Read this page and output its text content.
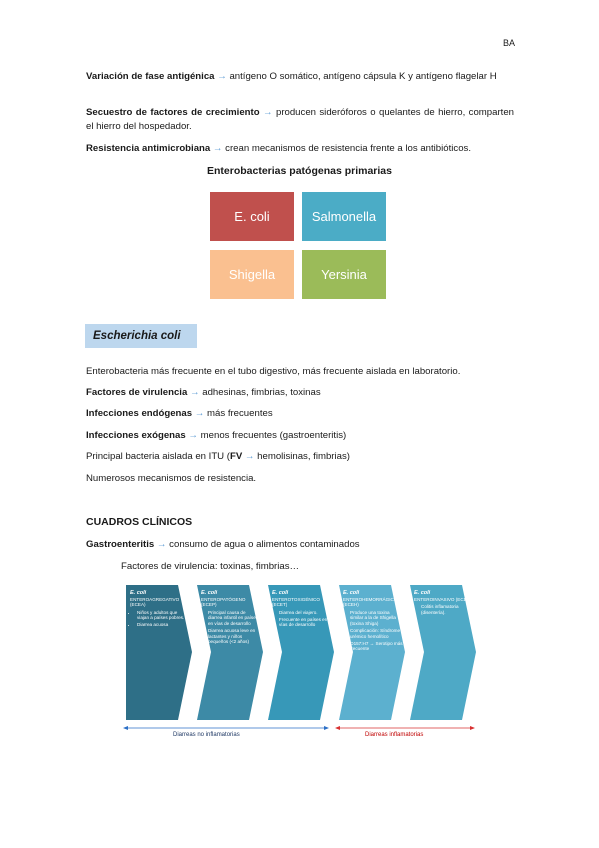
BA
Variación de fase antigénica → antígeno O somático, antígeno cápsula K y antígeno flagelar H
Secuestro de factores de crecimiento → producen sideróforos o quelantes de hierro, comparten el hierro del hospedador.
Resistencia antimicrobiana → crean mecanismos de resistencia frente a los antibióticos.
Enterobacterias patógenas primarias
E. coli	Salmonella
Shigella	Yersinia
Escherichia coli
Enterobacteria más frecuente en el tubo digestivo, más frecuente aislada en laboratorio.
Factores de virulencia → adhesinas, fimbrias, toxinas
Infecciones endógenas → más frecuentes
Infecciones exógenas → menos frecuentes (gastroenteritis)
Principal bacteria aislada en ITU (FV → hemolisinas, fimbrias)
Numerosos mecanismos de resistencia.
CUADROS CLÍNICOS
Gastroenteritis → consumo de agua o alimentos contaminados
Factores de virulencia: toxinas, fimbrias…
E. coli
ENTEROAGREGATIVO (ECEA)
• Niños y adultos que viajan a países pobres.
• Diarrea acuosa
E. coli
ENTEROPATÓGENO (ECEP)
• Principal causa de diarrea infantil en países en vías de desarrollo
• Diarrea acuosa leve en lactantes y niños pequeños (<2 años)
E. coli
ENTEROTOXIGÉNICO (ECET)
• Diarrea del viajero.
• Frecuente en países en vías de desarrollo
E. coli
ENTEROHEMORRÁGICO (ECEH)
• Produce una toxina similar a la de Shigella (toxina Shiga)
• Complicación: Síndrome urémico hemolítico
• O157:H7 → Serotipo más frecuente
E. coli
ENTEROINVASIVO (ECEI)
• Colitis inflamatoria (disentería).
Diarreas no inflamatorias	Diarreas inflamatorias
